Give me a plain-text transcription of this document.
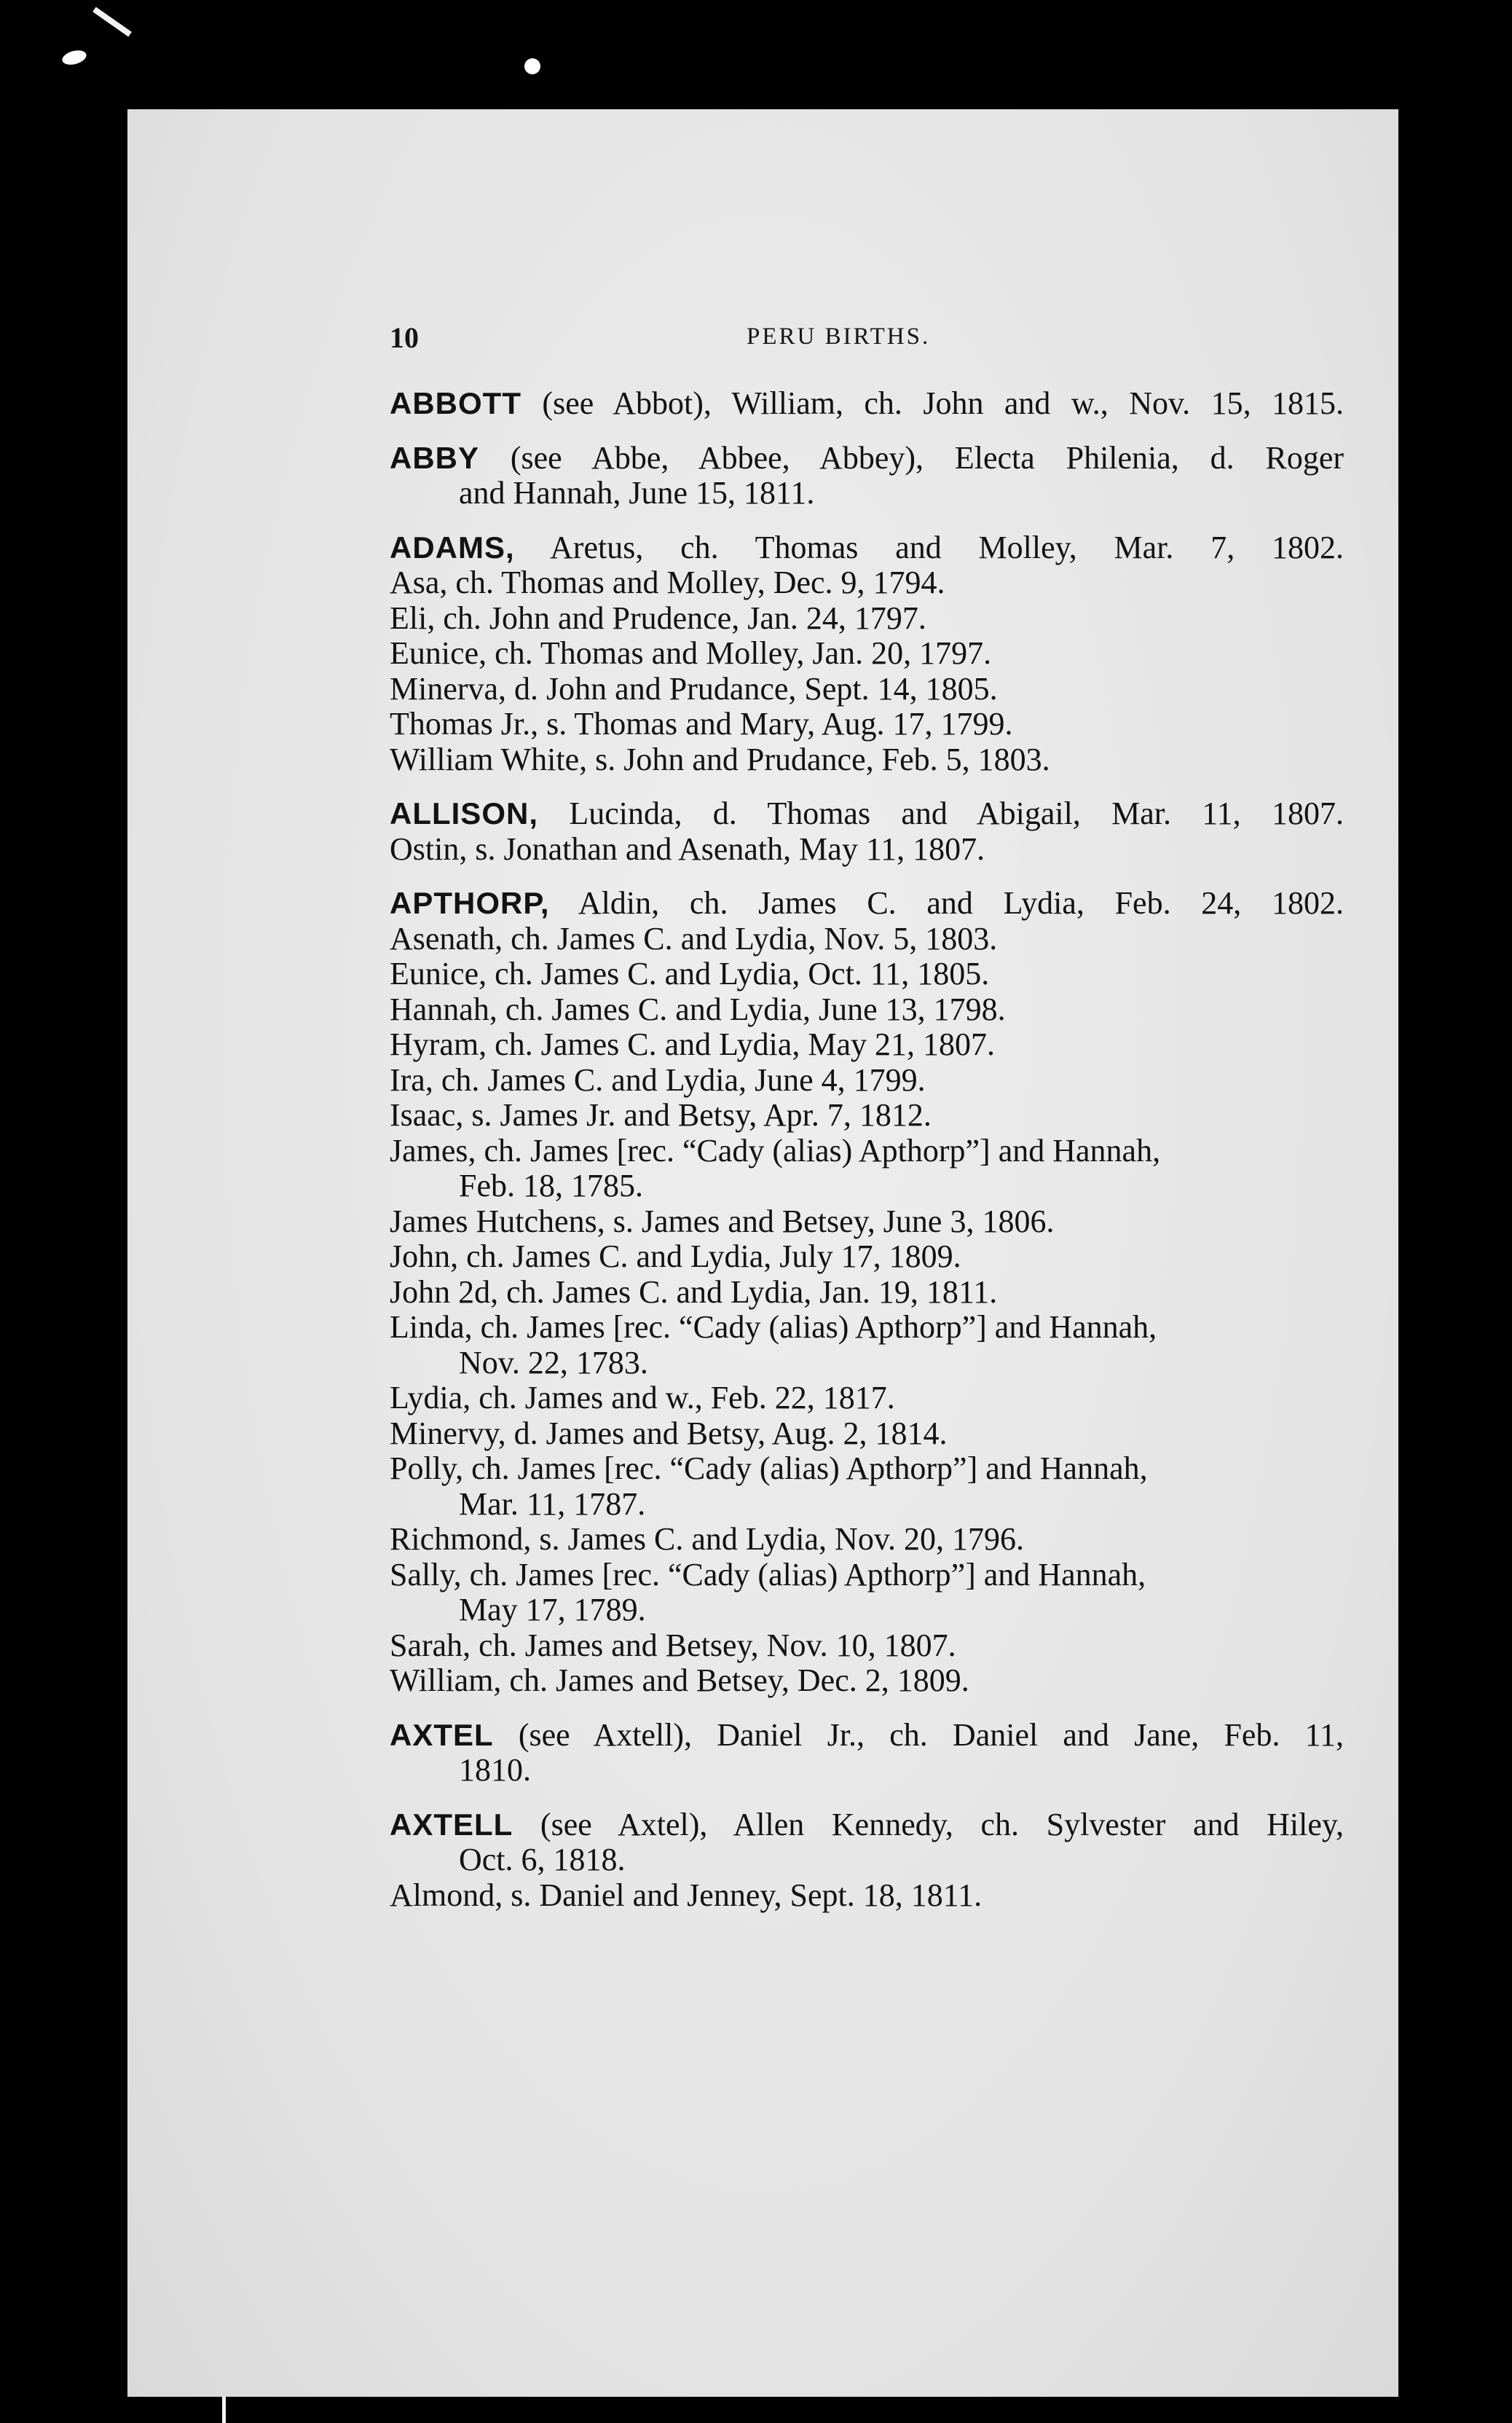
10	PERU BIRTHS.
ABBOTT (see Abbot), William, ch. John and w., Nov. 15, 1815.
ABBY (see Abbe, Abbee, Abbey), Electa Philenia, d. Roger
and Hannah, June 15, 1811.
ADAMS, Aretus, ch. Thomas and Molley, Mar. 7, 1802.
Asa, ch. Thomas and Molley, Dec. 9, 1794.
Eli, ch. John and Prudence, Jan. 24, 1797.
Eunice, ch. Thomas and Molley, Jan. 20, 1797.
Minerva, d. John and Prudance, Sept. 14, 1805.
Thomas Jr., s. Thomas and Mary, Aug. 17, 1799.
William White, s. John and Prudance, Feb. 5, 1803.
ALLISON, Lucinda, d. Thomas and Abigail, Mar. 11, 1807.
Ostin, s. Jonathan and Asenath, May 11, 1807.
APTHORP, Aldin, ch. James C. and Lydia, Feb. 24, 1802.
Asenath, ch. James C. and Lydia, Nov. 5, 1803.
Eunice, ch. James C. and Lydia, Oct. 11, 1805.
Hannah, ch. James C. and Lydia, June 13, 1798.
Hyram, ch. James C. and Lydia, May 21, 1807.
Ira, ch. James C. and Lydia, June 4, 1799.
Isaac, s. James Jr. and Betsy, Apr. 7, 1812.
James, ch. James [rec. “Cady (alias) Apthorp”] and Hannah,
Feb. 18, 1785.
James Hutchens, s. James and Betsey, June 3, 1806.
John, ch. James C. and Lydia, July 17, 1809.
John 2d, ch. James C. and Lydia, Jan. 19, 1811.
Linda, ch. James [rec. “Cady (alias) Apthorp”] and Hannah,
Nov. 22, 1783.
Lydia, ch. James and w., Feb. 22, 1817.
Minervy, d. James and Betsy, Aug. 2, 1814.
Polly, ch. James [rec. “Cady (alias) Apthorp”] and Hannah,
Mar. 11, 1787.
Richmond, s. James C. and Lydia, Nov. 20, 1796.
Sally, ch. James [rec. “Cady (alias) Apthorp”] and Hannah,
May 17, 1789.
Sarah, ch. James and Betsey, Nov. 10, 1807.
William, ch. James and Betsey, Dec. 2, 1809.
AXTEL (see Axtell), Daniel Jr., ch. Daniel and Jane, Feb. 11,
1810.
AXTELL (see Axtel), Allen Kennedy, ch. Sylvester and Hiley,
Oct. 6, 1818.
Almond, s. Daniel and Jenney, Sept. 18, 1811.
